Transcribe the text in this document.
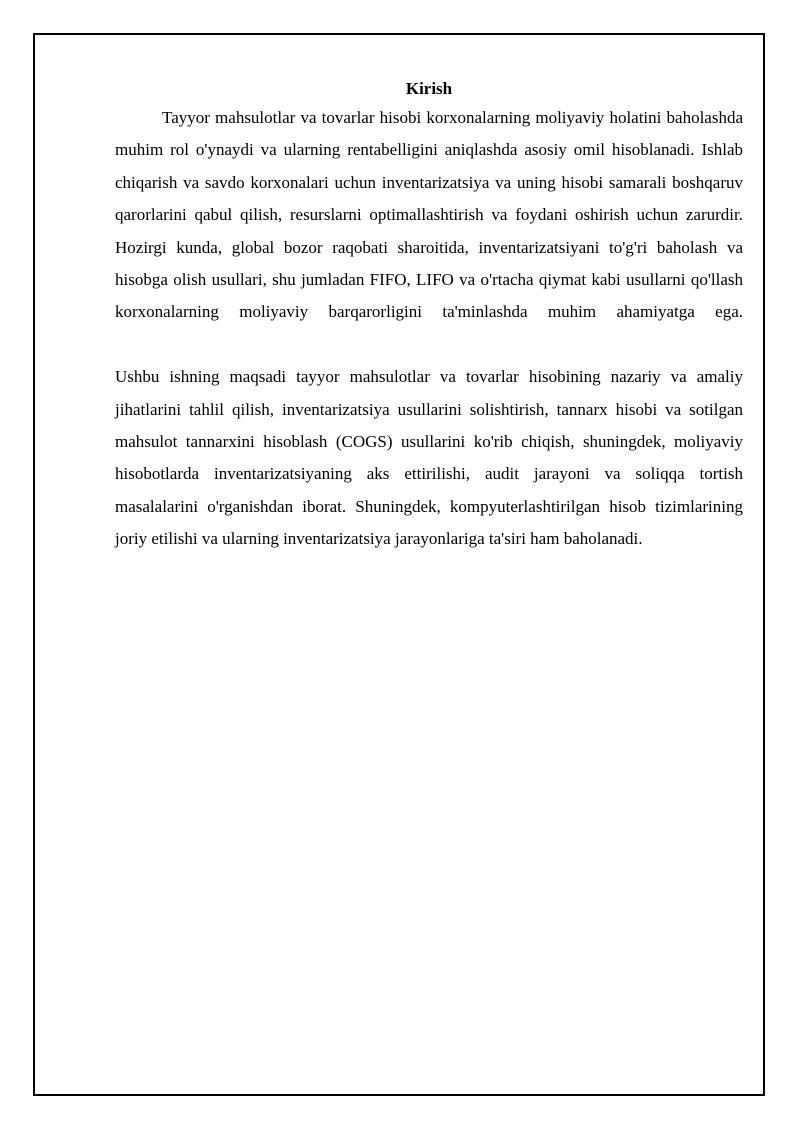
Kirish

Tayyor mahsulotlar va tovarlar hisobi korxonalarning moliyaviy holatini baholashda muhim rol o'ynaydi va ularning rentabelligini aniqlashda asosiy omil hisoblanadi. Ishlab chiqarish va savdo korxonalari uchun inventarizatsiya va uning hisobi samarali boshqaruv qarorlarini qabul qilish, resurslarni optimallashtirish va foydani oshirish uchun zarurdir. Hozirgi kunda, global bozor raqobati sharoitida, inventarizatsiyani to'g'ri baholash va hisobga olish usullari, shu jumladan FIFO, LIFO va o'rtacha qiymat kabi usullarni qo'llash korxonalarning moliyaviy barqarorligini ta'minlashda muhim ahamiyatga ega.

Ushbu ishning maqsadi tayyor mahsulotlar va tovarlar hisobining nazariy va amaliy jihatlarini tahlil qilish, inventarizatsiya usullarini solishtirish, tannarx hisobi va sotilgan mahsulot tannarxini hisoblash (COGS) usullarini ko'rib chiqish, shuningdek, moliyaviy hisobotlarda inventarizatsiyaning aks ettirilishi, audit jarayoni va soliqqa tortish masalalarini o'rganishdan iborat. Shuningdek, kompyuterlashtirilgan hisob tizimlarining joriy etilishi va ularning inventarizatsiya jarayonlariga ta'siri ham baholanadi.
